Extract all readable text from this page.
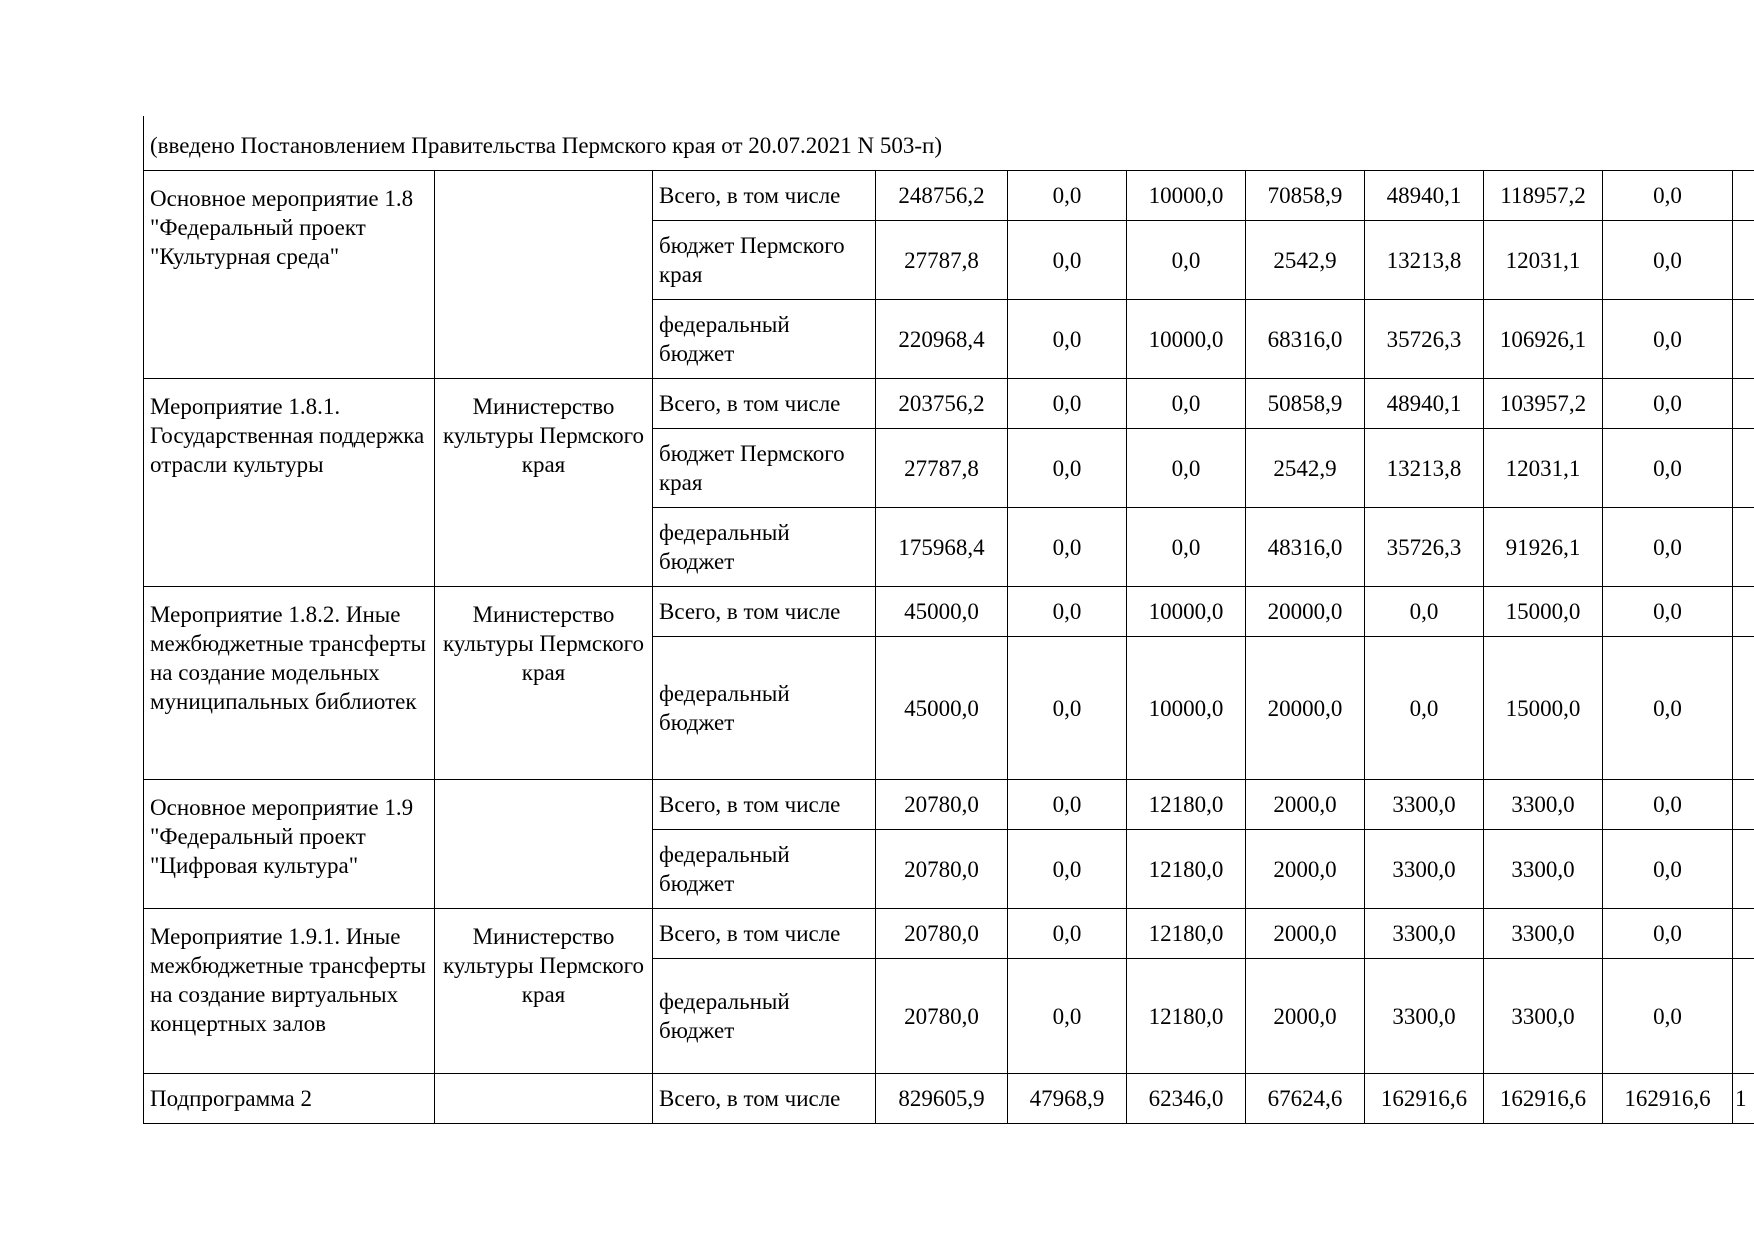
(введено Постановлением Правительства Пермского края от 20.07.2021 N 503-п)										
Основное мероприятие 1.8 "Федеральный проект "Культурная среда"		Всего, в том числе	248756,2	0,0	10000,0	70858,9	48940,1	118957,2	0,0	
		бюджет Пермского края	27787,8	0,0	0,0	2542,9	13213,8	12031,1	0,0	
		федеральный бюджет	220968,4	0,0	10000,0	68316,0	35726,3	106926,1	0,0	
Мероприятие 1.8.1. Государственная поддержка отрасли культуры	Министерство культуры Пермского края	Всего, в том числе	203756,2	0,0	0,0	50858,9	48940,1	103957,2	0,0	
		бюджет Пермского края	27787,8	0,0	0,0	2542,9	13213,8	12031,1	0,0	
		федеральный бюджет	175968,4	0,0	0,0	48316,0	35726,3	91926,1	0,0	
Мероприятие 1.8.2. Иные межбюджетные трансферты на создание модельных муниципальных библиотек	Министерство культуры Пермского края	Всего, в том числе	45000,0	0,0	10000,0	20000,0	0,0	15000,0	0,0	
		федеральный бюджет	45000,0	0,0	10000,0	20000,0	0,0	15000,0	0,0	
Основное мероприятие 1.9 "Федеральный проект "Цифровая культура"		Всего, в том числе	20780,0	0,0	12180,0	2000,0	3300,0	3300,0	0,0	
		федеральный бюджет	20780,0	0,0	12180,0	2000,0	3300,0	3300,0	0,0	
Мероприятие 1.9.1. Иные межбюджетные трансферты на создание виртуальных концертных залов	Министерство культуры Пермского края	Всего, в том числе	20780,0	0,0	12180,0	2000,0	3300,0	3300,0	0,0	
		федеральный бюджет	20780,0	0,0	12180,0	2000,0	3300,0	3300,0	0,0	
Подпрограмма 2		Всего, в том числе	829605,9	47968,9	62346,0	67624,6	162916,6	162916,6	162916,6	1
